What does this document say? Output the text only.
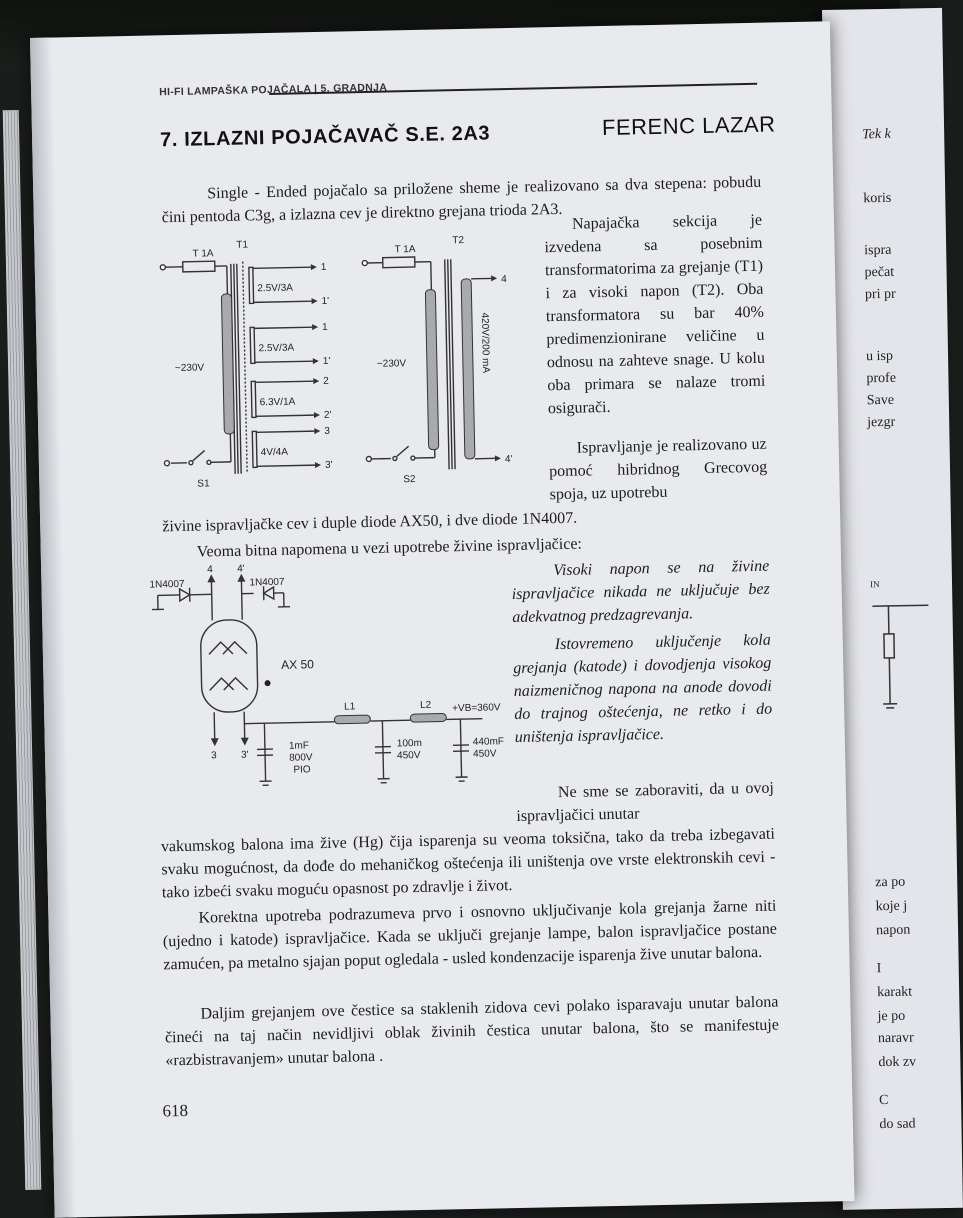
Tek k
koris
ispra
pečat
pri pr
u isp
profe
Save
jezgr
IN
za po
koje j
napon
I
karakt
je po
naravr
dok zv
C
do sad
HI-FI LAMPAŠKA POJAČALA | 5. GRADNJA
7. IZLAZNI POJAČAVAČ S.E. 2A3	FERENC LAZAR
Single - Ended pojačalo sa priložene sheme je realizovano sa dva stepena: pobudu čini pentoda C3g, a izlazna cev je direktno grejana trioda 2A3.
T 1A
T1
~230V
S1
2.5V/3A
2.5V/3A
6.3V/1A
4V/4A
1
1'
1
1'
2
2'
3
3'
T 1A
T2
~230V
S2
4
4'
420V/200 mA
Napajačka sekcija je izvedena sa posebnim transformatorima za grejanje (T1) i za visoki napon (T2). Oba transformatora su bar 40% predimenzionirane veličine u odnosu na zahteve snage. U kolu oba primara se nalaze tromi osigurači.
Ispravljanje je realizovano uz pomoć hibridnog Grecovog spoja, uz upotrebu
živine ispravljačke cev i duple diode AX50, i dve diode 1N4007.
Veoma bitna napomena u vezi upotrebe živine ispravljačice:
1N4007	1N4007
4 4'
AX 50
L1	L2 +VB=360V
3 3'
1mF
800V
PIO
100m
450V
440mF
450V
Visoki napon se na živine ispravljačice nikada ne uključuje bez adekvatnog predzagrevanja.
Istovremeno uključenje kola grejanja (katode) i dovodjenja visokog naizmeničnog napona na anode dovodi do trajnog oštećenja, ne retko i do uništenja ispravljačice.
Ne sme se zaboraviti, da u ovoj ispravljačici unutar
vakumskog balona ima žive (Hg) čija isparenja su veoma toksična, tako da treba izbegavati svaku mogućnost, da dođe do mehaničkog oštećenja ili uništenja ove vrste elektronskih cevi - tako izbeći svaku moguću opasnost po zdravlje i život.
Korektna upotreba podrazumeva prvo i osnovno uključivanje kola grejanja žarne niti (ujedno i katode) ispravljačice. Kada se uključi grejanje lampe, balon ispravljačice postane zamućen, pa metalno sjajan poput ogledala - usled kondenzacije isparenja žive unutar balona.
Daljim grejanjem ove čestice sa staklenih zidova cevi polako isparavaju unutar balona čineći na taj način nevidljivi oblak živinih čestica unutar balona, što se manifestuje «razbistravanjem» unutar balona .
618
